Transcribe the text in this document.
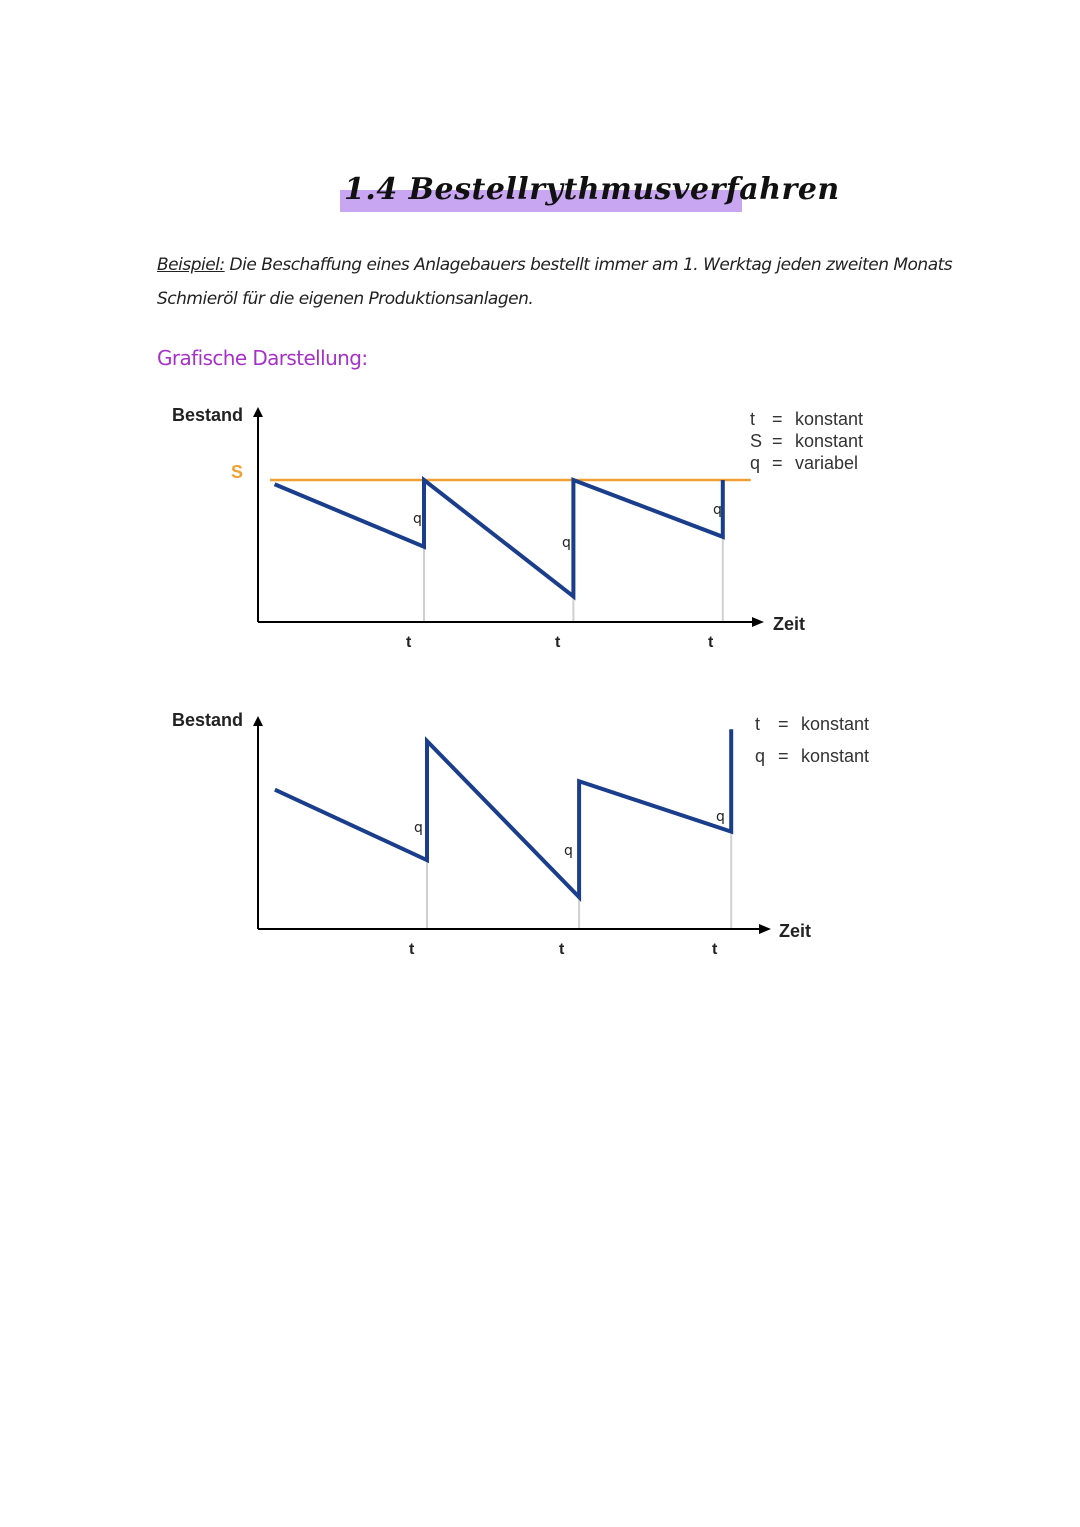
1.4 Bestellrythmusverfahren
Beispiel: Die Beschaffung eines Anlagebauers bestellt immer am 1. Werktag jeden zweiten Monats
Schmieröl für die eigenen Produktionsanlagen.
Grafische Darstellung:
Bestand
Zeit
t	t	t
S
q
q
q
t = konstant
S = konstant
q = variabel
Bestand
Zeit
t	t	t
q
q
q
t = konstant
q = konstant
